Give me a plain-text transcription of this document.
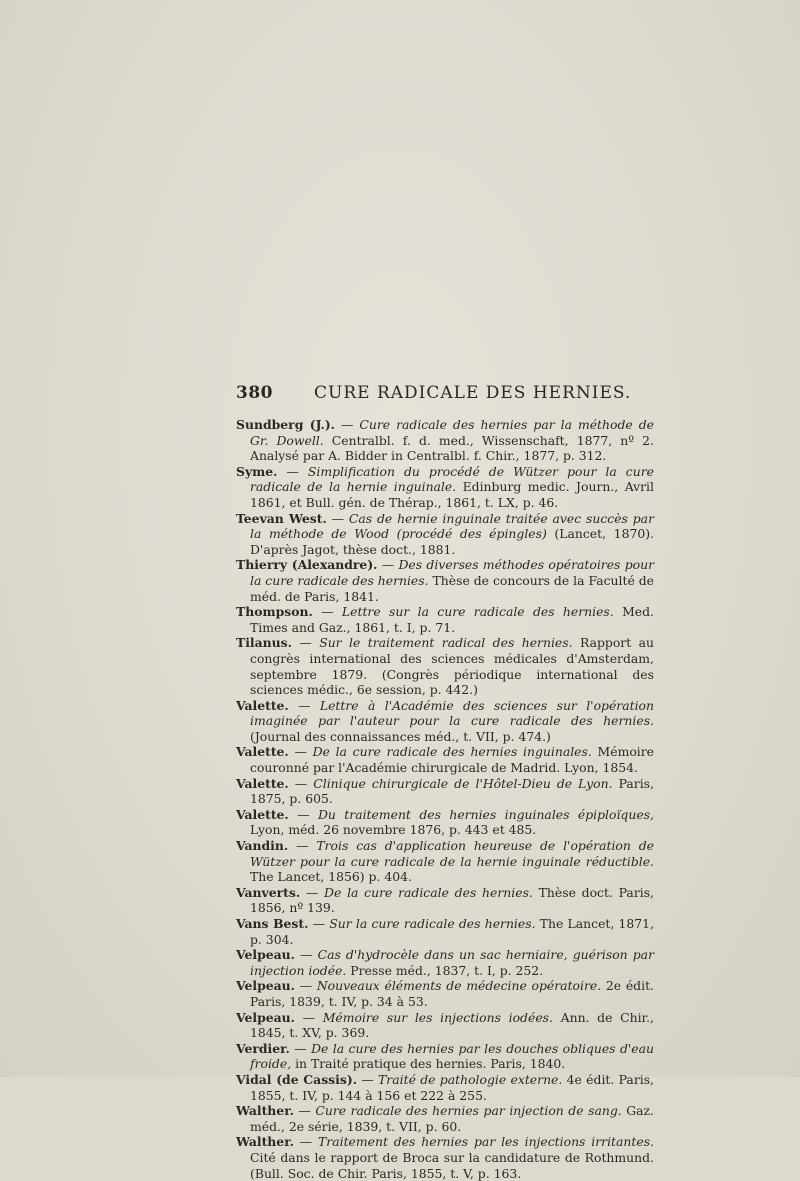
380 CURE RADICALE DES HERNIES.

Sundberg (J.). — Cure radicale des hernies par la méthode de Gr. Dowell. Centralbl. f. d. med., Wissenschaft, 1877, nº 2. Analysé par A. Bidder in Centralbl. f. Chir., 1877, p. 312.

Syme. — Simplification du procédé de Wützer pour la cure radicale de la hernie inguinale. Edinburg medic. Journ., Avril 1861, et Bull. gén. de Thérap., 1861, t. LX, p. 46.

Teevan West. — Cas de hernie inguinale traitée avec succès par la méthode de Wood (procédé des épingles) (Lancet, 1870). D'après Jagot, thèse doct., 1881.

Thierry (Alexandre). — Des diverses méthodes opératoires pour la cure radicale des hernies. Thèse de concours de la Faculté de méd. de Paris, 1841.

Thompson. — Lettre sur la cure radicale des hernies. Med. Times and Gaz., 1861, t. I, p. 71.

Tilanus. — Sur le traitement radical des hernies. Rapport au congrès international des sciences médicales d'Amsterdam, septembre 1879. (Congrès périodique international des sciences médic., 6e session, p. 442.)

Valette. — Lettre à l'Académie des sciences sur l'opération imaginée par l'auteur pour la cure radicale des hernies. (Journal des connaissances méd., t. VII, p. 474.)

Valette. — De la cure radicale des hernies inguinales. Mémoire couronné par l'Académie chirurgicale de Madrid. Lyon, 1854.

Valette. — Clinique chirurgicale de l'Hôtel-Dieu de Lyon. Paris, 1875, p. 605.

Valette. — Du traitement des hernies inguinales épiploïques, Lyon, méd. 26 novembre 1876, p. 443 et 485.

Vandin. — Trois cas d'application heureuse de l'opération de Wützer pour la cure radicale de la hernie inguinale réductible. The Lancet, 1856) p. 404.

Vanverts. — De la cure radicale des hernies. Thèse doct. Paris, 1856, nº 139.

Vans Best. — Sur la cure radicale des hernies. The Lancet, 1871, p. 304.

Velpeau. — Cas d'hydrocèle dans un sac herniaire, guérison par injection iodée. Presse méd., 1837, t. I, p. 252.

Velpeau. — Nouveaux éléments de médecine opératoire. 2e édit. Paris, 1839, t. IV, p. 34 à 53.

Velpeau. — Mémoire sur les injections iodées. Ann. de Chir., 1845, t. XV, p. 369.

Verdier. — De la cure des hernies par les douches obliques d'eau froide, in Traité pratique des hernies. Paris, 1840.

Vidal (de Cassis). — Traité de pathologie externe. 4e édit. Paris, 1855, t. IV, p. 144 à 156 et 222 à 255.

Walther. — Cure radicale des hernies par injection de sang. Gaz. méd., 2e série, 1839, t. VII, p. 60.

Walther. — Traitement des hernies par les injections irritantes. Cité dans le rapport de Broca sur la candidature de Rothmund. (Bull. Soc. de Chir. Paris, 1855, t. V, p. 163.
